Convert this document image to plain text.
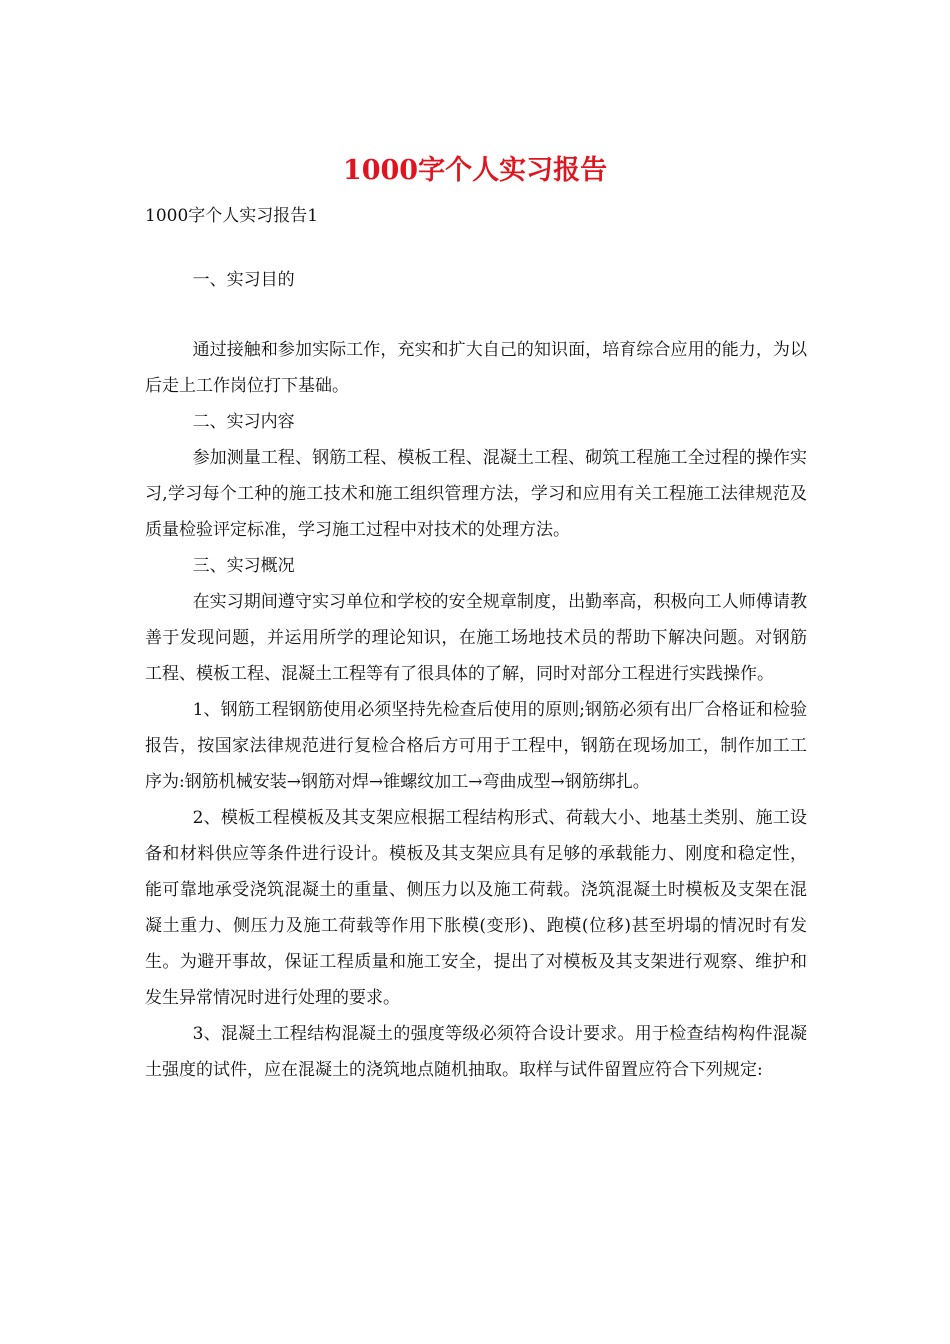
1000字个人实习报告
1000字个人实习报告1

一、实习目的

通过接触和参加实际工作，充实和扩大自己的知识面，培育综合应用的能力，为以后走上工作岗位打下基础。

二、实习内容

参加测量工程、钢筋工程、模板工程、混凝土工程、砌筑工程施工全过程的操作实习,学习每个工种的施工技术和施工组织管理方法，学习和应用有关工程施工法律规范及质量检验评定标准，学习施工过程中对技术的处理方法。

三、实习概况

在实习期间遵守实习单位和学校的安全规章制度，出勤率高，积极向工人师傅请教善于发现问题，并运用所学的理论知识，在施工场地技术员的帮助下解决问题。对钢筋工程、模板工程、混凝土工程等有了很具体的了解，同时对部分工程进行实践操作。

1、钢筋工程钢筋使用必须坚持先检查后使用的原则;钢筋必须有出厂合格证和检验报告，按国家法律规范进行复检合格后方可用于工程中，钢筋在现场加工，制作加工工序为:钢筋机械安装→钢筋对焊→锥螺纹加工→弯曲成型→钢筋绑扎。

2、模板工程模板及其支架应根据工程结构形式、荷载大小、地基土类别、施工设备和材料供应等条件进行设计。模板及其支架应具有足够的承载能力、刚度和稳定性，能可靠地承受浇筑混凝土的重量、侧压力以及施工荷载。浇筑混凝土时模板及支架在混凝土重力、侧压力及施工荷载等作用下胀模(变形)、跑模(位移)甚至坍塌的情况时有发生。为避开事故，保证工程质量和施工安全，提出了对模板及其支架进行观察、维护和发生异常情况时进行处理的要求。

3、混凝土工程结构混凝土的强度等级必须符合设计要求。用于检查结构构件混凝土强度的试件，应在混凝土的浇筑地点随机抽取。取样与试件留置应符合下列规定:
